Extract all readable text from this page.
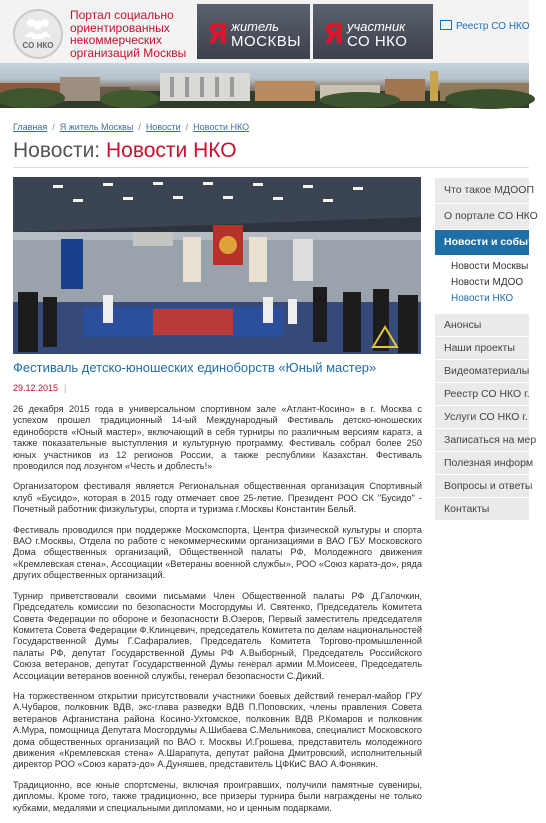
СО НКО
Портал социально ориентированных некоммерческих организаций Москвы
Я житель
МОСКВЫ Я участник
СО НКО
Реестр СО НКО
Главная / Я житель Москвы / Новости / Новости НКО
Новости: Новости НКО
Что такое МДООП
О портале СО НКО
Новости и события
Новости Москвы
Новости МДОО
Новости НКО
Анонсы
Наши проекты
Видеоматериалы
Реестр СО НКО г.
Услуги СО НКО г.
Записаться на мер
Полезная информ
Вопросы и ответы
Контакты
Фестиваль детско-юношеских единоборств «Юный мастер»
29.12.2015 |

26 декабря 2015 года в универсальном спортивном зале «Атлант-Косино» в г. Москва с успехом прошел традиционный 14-ый Международный Фестиваль детско-юношеских единоборств «Юный мастер», включающий в себя турниры по различным версиям каратэ, а также показательные выступления и культурную программу. Фестиваль собрал более 250 юных участников из 12 регионов России, а также республики Казахстан. Фестиваль проводился под лозунгом «Честь и доблесть!»

Организатором фестиваля является Региональная общественная организация Спортивный клуб «Бусидо», которая в 2015 году отмечает свое 25-летие. Президент РОО СК "Бусидо" - Почетный работник физкультуры, спорта и туризма г.Москвы Константин Бельй.

Фестиваль проводился при поддержке Москомспорта, Центра физической культуры и спорта ВАО г.Москвы, Отдела по работе с некоммерческими организациями в ВАО ГБУ Московского Дома общественных организаций, Общественной палаты РФ, Молодежного движения «Кремлевская стена», Ассоциации «Ветераны военной службы», РОО «Союз каратэ-до», ряда других общественных организаций.

Турнир приветствовали своими письмами Член Общественной палаты РФ Д.Галочкин, Председатель комиссии по безопасности Мосгордумы И. Святенко, Председатель Комитета Совета Федерации по обороне и безопасности В.Озеров, Первый заместитель председателя Комитета Совета Федерации Ф.Клинцевич, председатель Комитета по делам национальностей Государственной Думы Г.Сафаралиев, Председатель Комитета Торгово-промышленной палаты РФ, депутат Государственной Думы РФ А.Выборный, Председатель Российского Союза ветеранов, депутат Государственной Думы генерал армии М.Моисеев, Председатель Ассоциации ветеранов военной службы, генерал безопасности С.Дикий.

На торжественном открытии присутствовали участники боевых действий генерал-майор ГРУ А.Чубаров, полковник ВДВ, экс-глава разведки ВДВ П.Поповских, члены правления Совета ветеранов Афганистана района Косино-Ухтомское, полковник ВДВ Р.Комаров и полковник А.Мура, помощница Депутата Мосгордумы А.Шибаева С.Мельникова, специалист Московского дома общественных организаций по ВАО г. Москвы И.Грошева, представитель молодежного движения «Кремлевская стена» А.Шарапута, депутат района Дмитровский, исполнительный директор РОО «Союз каратэ-до» А.Дуняшев, представитель ЦФКиС ВАО А.Фонякин.

Традиционно, все юные спортсмены, включая проигравших, получили памятные сувениры, дипломы. Кроме того, также традиционно, все призеры турнира были награждены не только кубками, медалями и специальными дипломами, но и ценным подарками.
